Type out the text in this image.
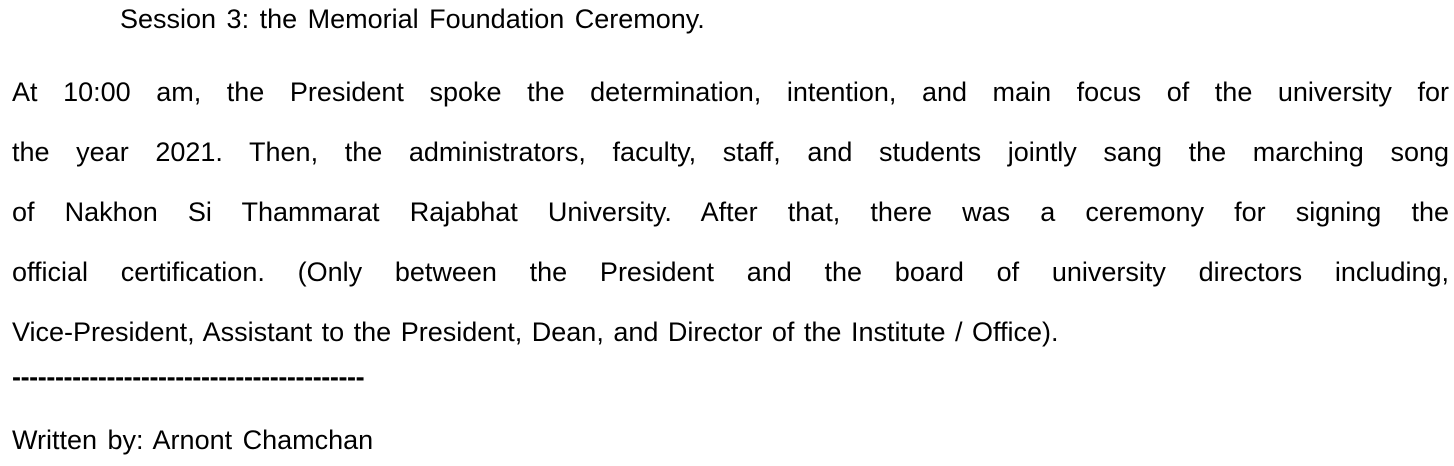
Session 3: the Memorial Foundation Ceremony.
At 10:00 am, the President spoke the determination, intention, and main focus of the university for
the year 2021. Then, the administrators, faculty, staff, and students jointly sang the marching song
of Nakhon Si Thammarat Rajabhat University. After that, there was a ceremony for signing the
official certification. (Only between the President and the board of university directors including,
Vice-President, Assistant to the President, Dean, and Director of the Institute / Office).
-----------------------------------------
Written by: Arnont Chamchan
